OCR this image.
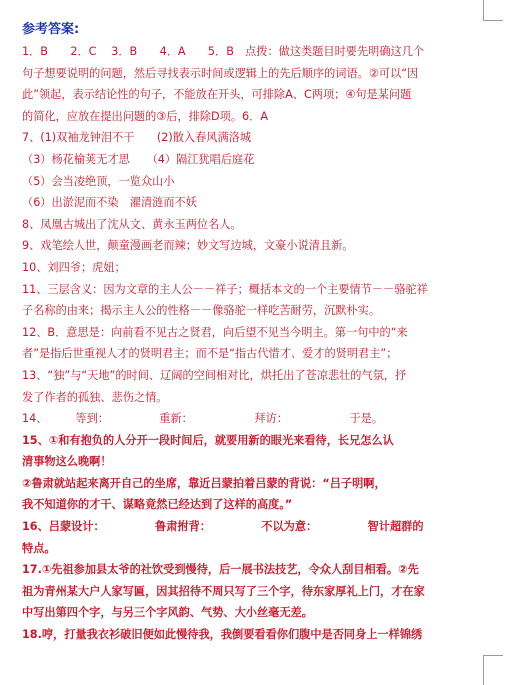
参考答案:
1．B　　2．C　 3．B　　4．A　　5．B　点拨：做这类题目时要先明确这几个
句子想要说明的问题，然后寻找表示时间或逻辑上的先后顺序的词语。②可以“因
此”领起，表示结论性的句子，不能放在开头，可排除A、C两项；④句是某问题
的简化，应放在提出问题的③后，排除D项。6．A
7、(1)双袖龙钟泪不干　　(2)散入春风满洛城
（3）杨花榆荚无才思　　（4）隔江犹唱后庭花
（5）会当凌绝顶，一览众山小
（6）出淤泥而不染　濯清涟而不妖
8、凤凰古城出了沈从文、黄永玉两位名人。
9、戏笔绘人世，颠童漫画老而辣；妙文写边城，文豪小说清且新。
10、刘四爷；虎妞；
11、三层含义：因为文章的主人公－－祥子；概括本文的一个主要情节－－骆驼祥
子名称的由来；揭示主人公的性格－－像骆驼一样吃苦耐劳，沉默朴实。
12、B．意思是：向前看不见古之贤君，向后望不见当今明主。第一句中的“来
者”是指后世重视人才的贤明君主；而不是“指古代惜才、爱才的贤明君主”；
13、“独”与“天地”的时间、辽阔的空间相对比，烘托出了苍凉悲壮的气氛，抒
发了作者的孤独、悲伤之情。
14、　　　等到：　　　　　重新：　　　　　　拜访：　　　　　　于是。
15、①和有抱负的人分开一段时间后，就要用新的眼光来看待，长兄怎么认
清事物这么晚啊！
②鲁肃就站起来离开自己的坐席，靠近吕蒙拍着吕蒙的背说：“吕子明啊，
我不知道你的才干、谋略竟然已经达到了这样的高度。”
16、吕蒙设计：　　　　　鲁肃拊背：　　　　　不以为意：　　　　　智计超群的
特点。
17.①先祖参加县太爷的社饮受到慢待，后一展书法技艺，令众人刮目相看。②先
祖为青州某大户人家写匾，因其招待不周只写了三个字，待东家厚礼上门，才在家
中写出第四个字，与另三个字风韵、气势、大小丝毫无差。
18.哼，打量我衣衫破旧便如此慢待我，我倒要看看你们腹中是否同身上一样锦绣
